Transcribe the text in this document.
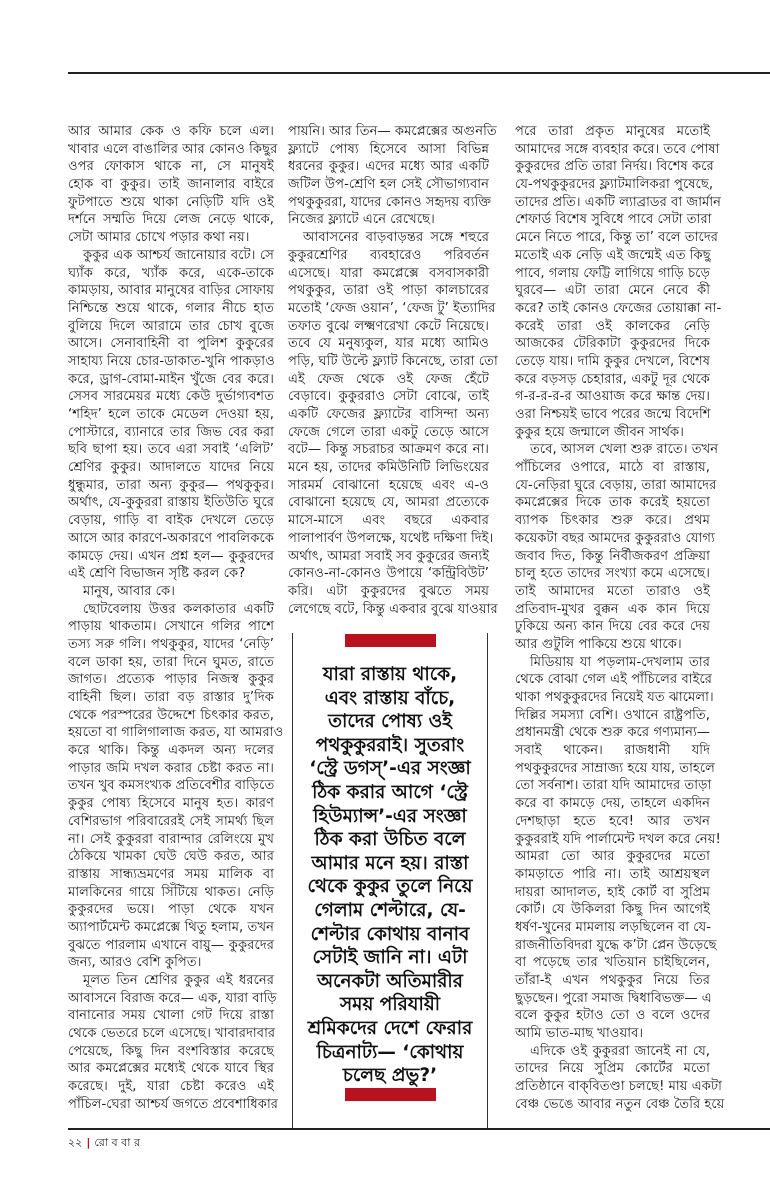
আর আমার কেক ও কফি চলে এল।
খাবার এলে বাঙালির আর কোনও কিছুর
ওপর ফোকাস থাকে না, সে মানুষই
হোক বা কুকুর। তাই জানালার বাইরে
ফুটপাতে শুয়ে থাকা নেড়িটি যদি ওই
দর্শনে সম্মতি দিয়ে লেজ নেড়ে থাকে,
সেটা আমার চোখে পড়ার কথা নয়।
কুকুর এক আশ্চর্য জানোয়ার বটে। সে
ঘ্যাঁক করে, খ্যাঁক করে, একে-তাকে
কামড়ায়, আবার মানুষের বাড়ির সোফায়
নিশ্চিন্তে শুয়ে থাকে, গলার নীচে হাত
বুলিয়ে দিলে আরামে তার চোখ বুজে
আসে। সেনাবাহিনী বা পুলিশ কুকুরের
সাহায্য নিয়ে চোর-ডাকাত-খুনি পাকড়াও
করে, ড্রাগ-বোমা-মাইন খুঁজে বের করে।
সেসব সারমেয়র মধ্যে কেউ দুর্ভাগ্যবশত
‘শহিদ’ হলে তাকে মেডেল দেওয়া হয়,
পোস্টারে, ব্যানারে তার জিভ বের করা
ছবি ছাপা হয়। তবে এরা সবাই ‘এলিট’
শ্রেণির কুকুর। আদালতে যাদের নিয়ে
ধুন্ধুমার, তারা অন্য কুকুর— পথকুকুর।
অর্থাৎ, যে-কুকুররা রাস্তায় ইতিউতি ঘুরে
বেড়ায়, গাড়ি বা বাইক দেখলে তেড়ে
আসে আর কারণে-অকারণে পাবলিককে
কামড়ে দেয়। এখন প্রশ্ন হল— কুকুরদের
এই শ্রেণি বিভাজন সৃষ্টি করল কে?
মানুষ, আবার কে।
ছোটবেলায় উত্তর কলকাতার একটি
পাড়ায় থাকতাম। সেখানে গলির পাশে
তস্য সরু গলি। পথকুকুর, যাদের ‘নেড়ি’
বলে ডাকা হয়, তারা দিনে ঘুমত, রাতে
জাগত। প্রত্যেক পাড়ার নিজস্ব কুকুর
বাহিনী ছিল। তারা বড় রাস্তার দু’দিক
থেকে পরস্পরের উদ্দেশে চিৎকার করত,
হয়তো বা গালিগালাজ করত, যা আমরাও
করে থাকি। কিন্তু একদল অন্য দলের
পাড়ার জমি দখল করার চেষ্টা করত না।
তখন খুব কমসংখ্যক প্রতিবেশীর বাড়িতে
কুকুর পোষ্য হিসেবে মানুষ হত। কারণ
বেশিরভাগ পরিবারেরই সেই সামর্থ্য ছিল
না। সেই কুকুররা বারান্দার রেলিংয়ে মুখ
ঠেকিয়ে খামকা ঘেউ ঘেউ করত, আর
রাস্তায় সান্ধ্যভ্রমণের সময় মালিক বা
মালকিনের গায়ে সিঁটিয়ে থাকত। নেড়ি
কুকুরদের ভয়ে। পাড়া থেকে যখন
অ্যাপার্টমেন্ট কমপ্লেক্সে থিতু হলাম, তখন
বুঝতে পারলাম এখানে বায়ু— কুকুরদের
জন্য, আরও বেশি কুপিত।
মূলত তিন শ্রেণির কুকুর এই ধরনের
আবাসনে বিরাজ করে— এক, যারা বাড়ি
বানানোর সময় খোলা গেট দিয়ে রাস্তা
থেকে ভেতরে চলে এসেছে। খাবারদাবার
পেয়েছে, কিছু দিন বংশবিস্তার করেছে
আর কমপ্লেক্সের মধ্যেই থেকে যাবে স্থির
করেছে। দুই, যারা চেষ্টা করেও এই
পাঁচিল-ঘেরা আশ্চর্য জগতে প্রবেশাধিকার
পায়নি। আর তিন— কমপ্লেক্সের অগুনতি
ফ্ল্যাটে পোষ্য হিসেবে আসা বিভিন্ন
ধরনের কুকুর। এদের মধ্যে আর একটি
জটিল উপ-শ্রেণি হল সেই সৌভাগ্যবান
পথকুকুররা, যাদের কোনও সহৃদয় ব্যক্তি
নিজের ফ্ল্যাটে এনে রেখেছে।
আবাসনের বাড়বাড়ন্তর সঙ্গে শহুরে
কুকুরশ্রেণির ব্যবহারেও পরিবর্তন
এসেছে। যারা কমপ্লেক্সে বসবাসকারী
পথকুকুর, তারা ওই পাড়া কালচারের
মতোই ‘ফেজ ওয়ান’, ‘ফেজ টু’ ইত্যাদির
তফাত বুঝে লক্ষ্মণরেখা কেটে নিয়েছে।
তবে যে মনুষ্যকুল, যার মধ্যে আমিও
পড়ি, ঘটি উল্টে ফ্ল্যাট কিনেছে, তারা তো
এই ফেজ থেকে ওই ফেজ হেঁটে
বেড়াবে। কুকুররাও সেটা বোঝে, তাই
একটি ফেজের ফ্ল্যাটের বাসিন্দা অন্য
ফেজে গেলে তারা একটু তেড়ে আসে
বটে— কিন্তু সচরাচর আক্রমণ করে না।
মনে হয়, তাদের কমিউনিটি লিভিংয়ের
সারমর্ম বোঝানো হয়েছে এবং এ-ও
বোঝানো হয়েছে যে, আমরা প্রত্যেকে
মাসে-মাসে এবং বছরে একবার
পালাপার্বণ উপলক্ষে, যথেষ্ট দক্ষিণা দিই।
অর্থাৎ, আমরা সবাই সব কুকুরের জন্যই
কোনও-না-কোনও উপায়ে ‘কন্ট্রিবিউট’
করি। এটা কুকুরদের বুঝতে সময়
লেগেছে বটে, কিন্তু একবার বুঝে যাওয়ার
পরে তারা প্রকৃত মানুষের মতোই
আমাদের সঙ্গে ব্যবহার করে। তবে পোষা
কুকুরদের প্রতি তারা নির্দয়। বিশেষ করে
যে-পথকুকুরদের ফ্ল্যাটমালিকরা পুষেছে,
তাদের প্রতি। একটি ল্যাব্রাডর বা জার্মান
শেফার্ড বিশেষ সুবিধে পাবে সেটা তারা
মেনে নিতে পারে, কিন্তু তা’ বলে তাদের
মতোই এক নেড়ি এই জন্মেই এত কিছু
পাবে, গলায় ফেট্টি লাগিয়ে গাড়ি চড়ে
ঘুরবে— এটা তারা মেনে নেবে কী
করে? তাই কোনও ফেজের তোয়াক্কা না-
করেই তারা ওই কালকের নেড়ি
আজকের টেরিকাটা কুকুরদের দিকে
তেড়ে যায়। দামি কুকুর দেখলে, বিশেষ
করে বড়সড় চেহারার, একটু দূর থেকে
গ-র-র-র-র আওয়াজ করে ক্ষান্ত দেয়।
ওরা নিশ্চয়ই ভাবে পরের জন্মে বিদেশি
কুকুর হয়ে জন্মালে জীবন সার্থক।
তবে, আসল খেলা শুরু রাতে। তখন
পাঁচিলের ওপারে, মাঠে বা রাস্তায়,
যে-নেড়িরা ঘুরে বেড়ায়, তারা আমাদের
কমপ্লেক্সের দিকে তাক করেই হয়তো
ব্যাপক চিৎকার শুরু করে। প্রথম
কয়েকটা বছর আমদের কুকুররাও যোগ্য
জবাব দিত, কিন্তু নির্বীজকরণ প্রক্রিয়া
চালু হতে তাদের সংখ্যা কমে এসেছে।
তাই আমাদের মতো তারাও ওই
প্রতিবাদ-মুখর বুক্কন এক কান দিয়ে
ঢুকিয়ে অন্য কান দিয়ে বের করে দেয়
আর গুটুলি পাকিয়ে শুয়ে থাকে।
মিডিয়ায় যা পড়লাম-দেখলাম তার
থেকে বোঝা গেল এই পাঁচিলের বাইরে
থাকা পথকুকুরদের নিয়েই যত ঝামেলা।
দিল্লির সমস্যা বেশি। ওখানে রাষ্ট্রপতি,
প্রধানমন্ত্রী থেকে শুরু করে গণ্যমান্য—
সবাই থাকেন। রাজধানী যদি
পথকুকুরদের সাম্রাজ্য হয়ে যায়, তাহলে
তো সর্বনাশ। তারা যদি আমাদের তাড়া
করে বা কামড়ে দেয়, তাহলে একদিন
দেশছাড়া হতে হবে! আর তখন
কুকুররাই যদি পার্লামেন্ট দখল করে নেয়!
আমরা তো আর কুকুরদের মতো
কামড়াতে পারি না। তাই আশ্রয়স্থল
দায়রা আদালত, হাই কোর্ট বা সুপ্রিম
কোর্ট। যে উকিলরা কিছু দিন আগেই
ধর্ষণ-খুনের মামলায় লড়ছিলেন বা যে-
রাজনীতিবিদরা যুদ্ধে ক’টা প্লেন উড়েছে
বা পড়েছে তার খতিয়ান চাইছিলেন,
তাঁরা-ই এখন পথকুকুর নিয়ে তির
ছুড়ছেন। পুরো সমাজ দ্বিধাবিভক্ত— এ
বলে কুকুর হটাও তো ও বলে ওদের
আমি ভাত-মাছ খাওয়াব।
এদিকে ওই কুকুররা জানেই না যে,
তাদের নিয়ে সুপ্রিম কোর্টের মতো
প্রতিষ্ঠানে বাক্‌বিতণ্ডা চলছে! মায় একটা
বেঞ্চ ভেঙে আবার নতুন বেঞ্চ তৈরি হয়ে
যারা রাস্তায় থাকে,
এবং রাস্তায় বাঁচে,
তাদের পোষ্য ওই
পথকুকুররাই। সুতরাং
‘স্ট্রে ডগস্’-এর সংজ্ঞা
ঠিক করার আগে ‘স্ট্রে
হিউম্যান্স’-এর সংজ্ঞা
ঠিক করা উচিত বলে
আমার মনে হয়। রাস্তা
থেকে কুকুর তুলে নিয়ে
গেলাম শেল্টারে, যে-
শেল্টার কোথায় বানাব
সেটাই জানি না। এটা
অনেকটা অতিমারীর
সময় পরিযায়ী
শ্রমিকদের দেশে ফেরার
চিত্রনাট্য— ‘কোথায়
চলেছ প্রভু?’
২২ | রো ব বা র
